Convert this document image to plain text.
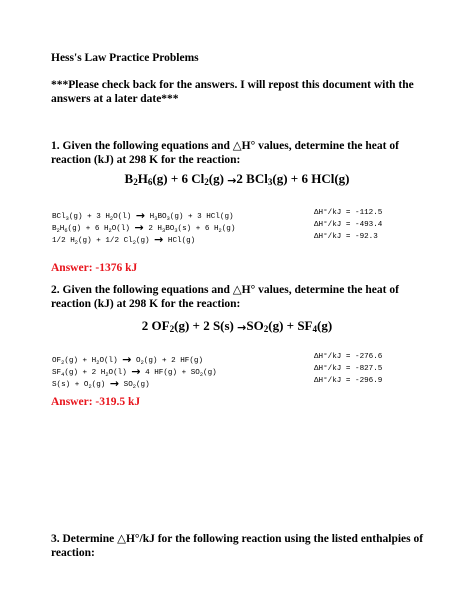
Hess's Law Practice Problems
***Please check back for the answers. I will repost this document with the answers at a later date***
1. Given the following equations and △H° values, determine the heat of reaction (kJ) at 298 K for the reaction:
$B_2H_6(g) + 6$ $Cl_2(g) \to 2$ BCl$_3$(g) + 6 HCl(g)
BCl$_3$(g) + 3 $H_2O(l) \to H_3BO_3(g) + 3$ HCl(g)	ΔH°/kJ = -112.5
$B_2H_6(g) + 6$ $H_2O(l) \to 2$ $H_3BO_3(s) + 6$ $H_2(g)$	ΔH°/kJ = -493.4
1/2 $H_2(g) + 1/2$ $Cl_2(g) \to HCl(g)$	ΔH°/kJ = -92.3
Answer: -1376 kJ
2. Given the following equations and △H° values, determine the heat of reaction (kJ) at 298 K for the reaction:
2 $OF_2(g) + 2$ $S(s) \to SO_2(g) + SF_4(g)$
$OF_2(g) + H_2O(l) \to O_2(g) + 2$ HF(g)	ΔH°/kJ = -276.6
$SF_4(g) + 2$ $H_2O(l) \to 4$ $HF(g) + SO_2(g)$	ΔH°/kJ = -827.5
$S(s) + O_2(g) \to SO_2(g)$	ΔH°/kJ = -296.9
Answer: -319.5 kJ
3. Determine △H°/kJ for the following reaction using the listed enthalpies of reaction:
